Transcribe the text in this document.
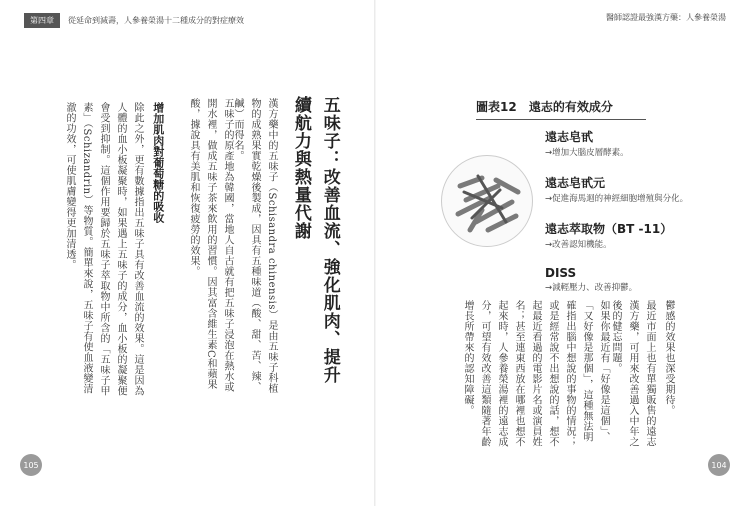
第四章	從延命到減壽，人參養榮湯十二種成分的對症療效	醫師認證最強漢方藥：人參養榮湯
五味子：改善血流、強化肌肉、提升續航力與熱量代謝
漢方藥中的五味子（Schisandra chinensis）是由五味子科植物的成熟果實乾燥後製成，因具有五種味道（酸、甜、苦、辣、鹹）而得名。
五味子的原產地為韓國，當地人自古就有把五味子浸泡在熱水或開水裡，做成五味子茶來飲用的習慣。因其富含維生素C和蘋果酸，據說具有美肌和恢復疲勞的效果。
增加肌肉對葡萄糖的吸收
除此之外，更有數據指出五味子具有改善血流的效果。這是因為人體的血小板凝聚時，如果遇上五味子的成分，血小板的凝聚便會受到抑制。這個作用要歸於五味子萃取物中所含的「五味子甲素」（Schizandrin）等物質。簡單來說，五味子有使血液變清澈的功效，可使肌膚變得更加清透。	圖表12 遠志的有效成分
遠志皂甙
→增加大腦皮層酵素。
遠志皂甙元
→促進海馬迴的神經細胞增殖與分化。
遠志萃取物（BT -11）
→改善認知機能。
DISS
→減輕壓力、改善抑鬱。
鬱感的效果也深受期待。
最近市面上也有單獨販售的遠志漢方藥，可用來改善過入中年之後的健忘問題。
如果你最近有「好像是這個」、「又好像是那個」，這種無法明確指出腦中想說的事物的情況；或是經常說不出想說的話，想不起最近看過的電影片名或演員姓名；甚至連東西放在哪裡也想不起來時，人參養榮湯裡的遠志成分，可望有效改善這類隨著年齡增長所帶來的認知障礙。
105	104
